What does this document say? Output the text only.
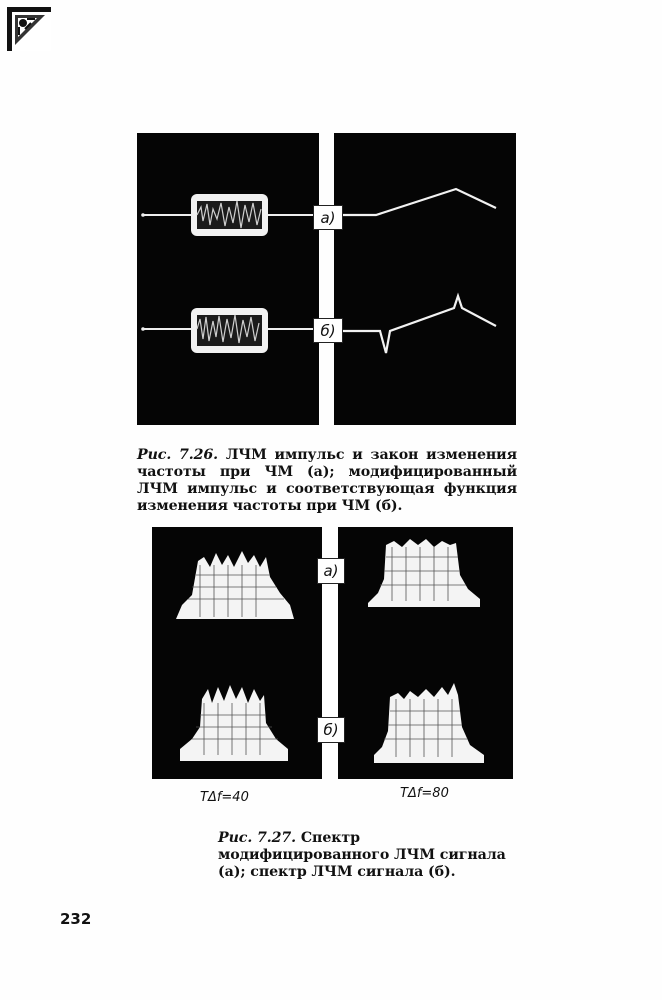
а)
б)
Рис. 7.26. ЛЧМ импульс и закон изменения частоты при ЧМ (а); модифицированный ЛЧМ импульс и соответствующая функция изменения частоты при ЧМ (б).
а)
б)
TΔf=40	TΔf=80
Рис. 7.27. Спектр модифицированного ЛЧМ сигнала (а); спектр ЛЧМ сигнала (б).
232
